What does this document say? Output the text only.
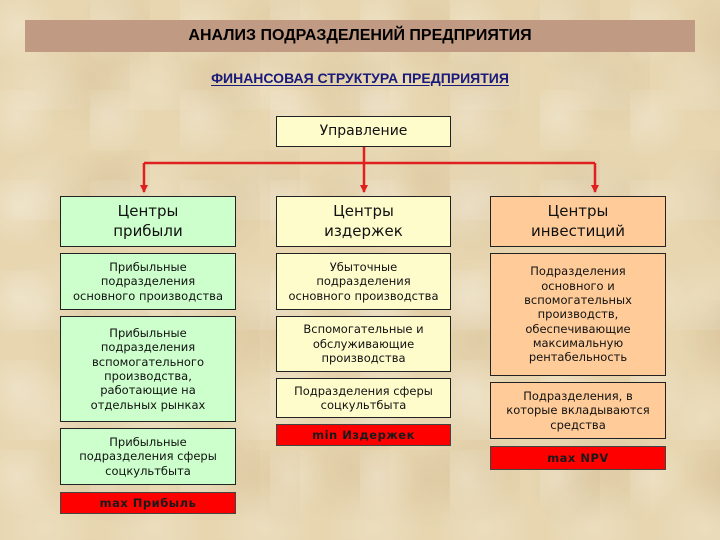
АНАЛИЗ ПОДРАЗДЕЛЕНИЙ ПРЕДПРИЯТИЯ
ФИНАНСОВАЯ СТРУКТУРА ПРЕДПРИЯТИЯ
Управление
Центры
прибыли
Прибыльные
подразделения
основного производства
Прибыльные
подразделения
вспомогательного
производства,
работающие на
отдельных рынках
Прибыльные
подразделения сферы
соцкультбыта
max Прибыль
Центры
издержек
Убыточные
подразделения
основного производства
Вспомогательные и
обслуживающие
производства
Подразделения сферы
соцкультбыта
min Издержек
Центры
инвестиций
Подразделения
основного и
вспомогательных
производств,
обеспечивающие
максимальную
рентабельность
Подразделения, в
которые вкладываются
средства
max NPV
